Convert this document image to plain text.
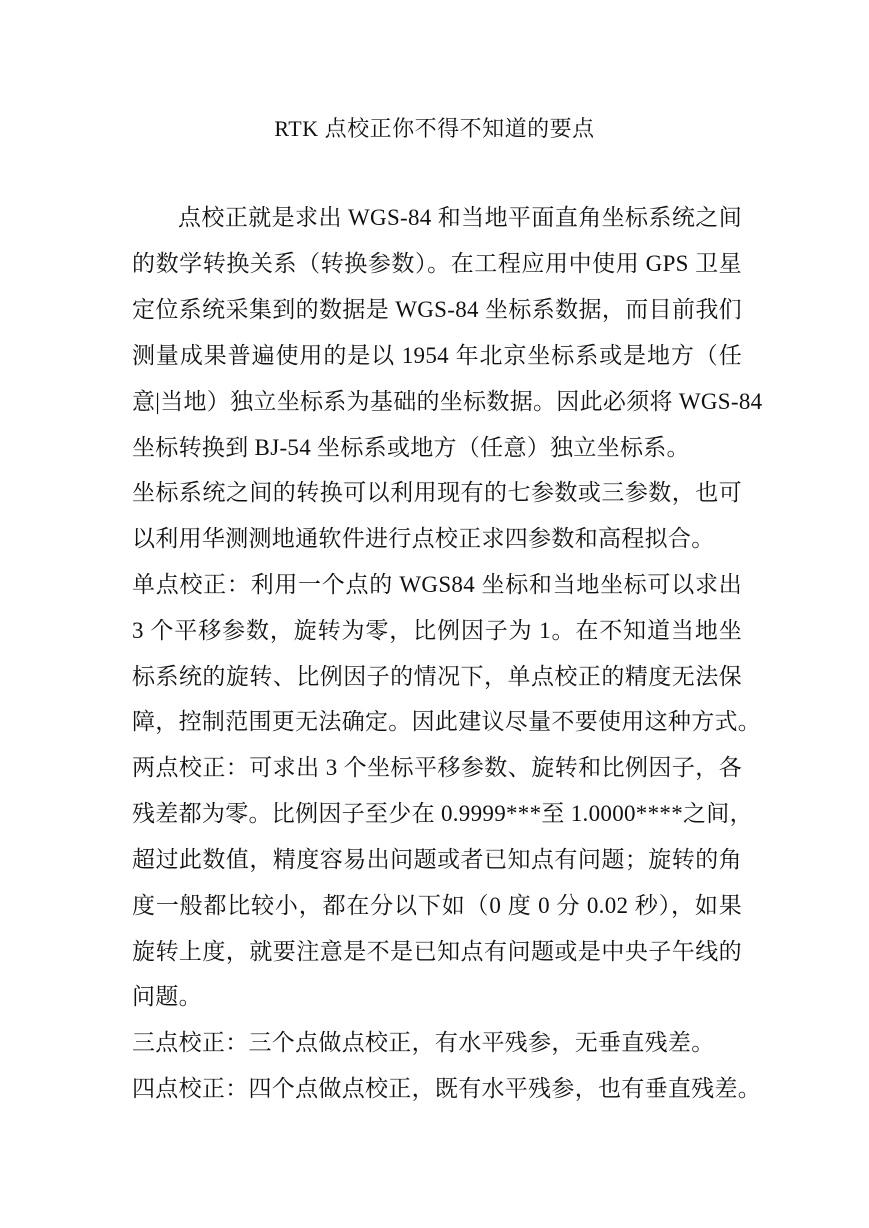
RTK 点校正你不得不知道的要点
点校正就是求出 WGS-84 和当地平面直角坐标系统之间
的数学转换关系（转换参数）。在工程应用中使用 GPS 卫星
定位系统采集到的数据是 WGS-84 坐标系数据，而目前我们
测量成果普遍使用的是以 1954 年北京坐标系或是地方（任
意|当地）独立坐标系为基础的坐标数据。因此必须将 WGS-84
坐标转换到 BJ-54 坐标系或地方（任意）独立坐标系。
坐标系统之间的转换可以利用现有的七参数或三参数，也可
以利用华测测地通软件进行点校正求四参数和高程拟合。
单点校正：利用一个点的 WGS84 坐标和当地坐标可以求出
3 个平移参数，旋转为零，比例因子为 1。在不知道当地坐
标系统的旋转、比例因子的情况下，单点校正的精度无法保
障，控制范围更无法确定。因此建议尽量不要使用这种方式。
两点校正：可求出 3 个坐标平移参数、旋转和比例因子，各
残差都为零。比例因子至少在 0.9999***至 1.0000****之间，
超过此数值，精度容易出问题或者已知点有问题；旋转的角
度一般都比较小，都在分以下如（0 度 0 分 0.02 秒），如果
旋转上度，就要注意是不是已知点有问题或是中央子午线的
问题。
三点校正：三个点做点校正，有水平残参，无垂直残差。
四点校正：四个点做点校正，既有水平残参，也有垂直残差。
